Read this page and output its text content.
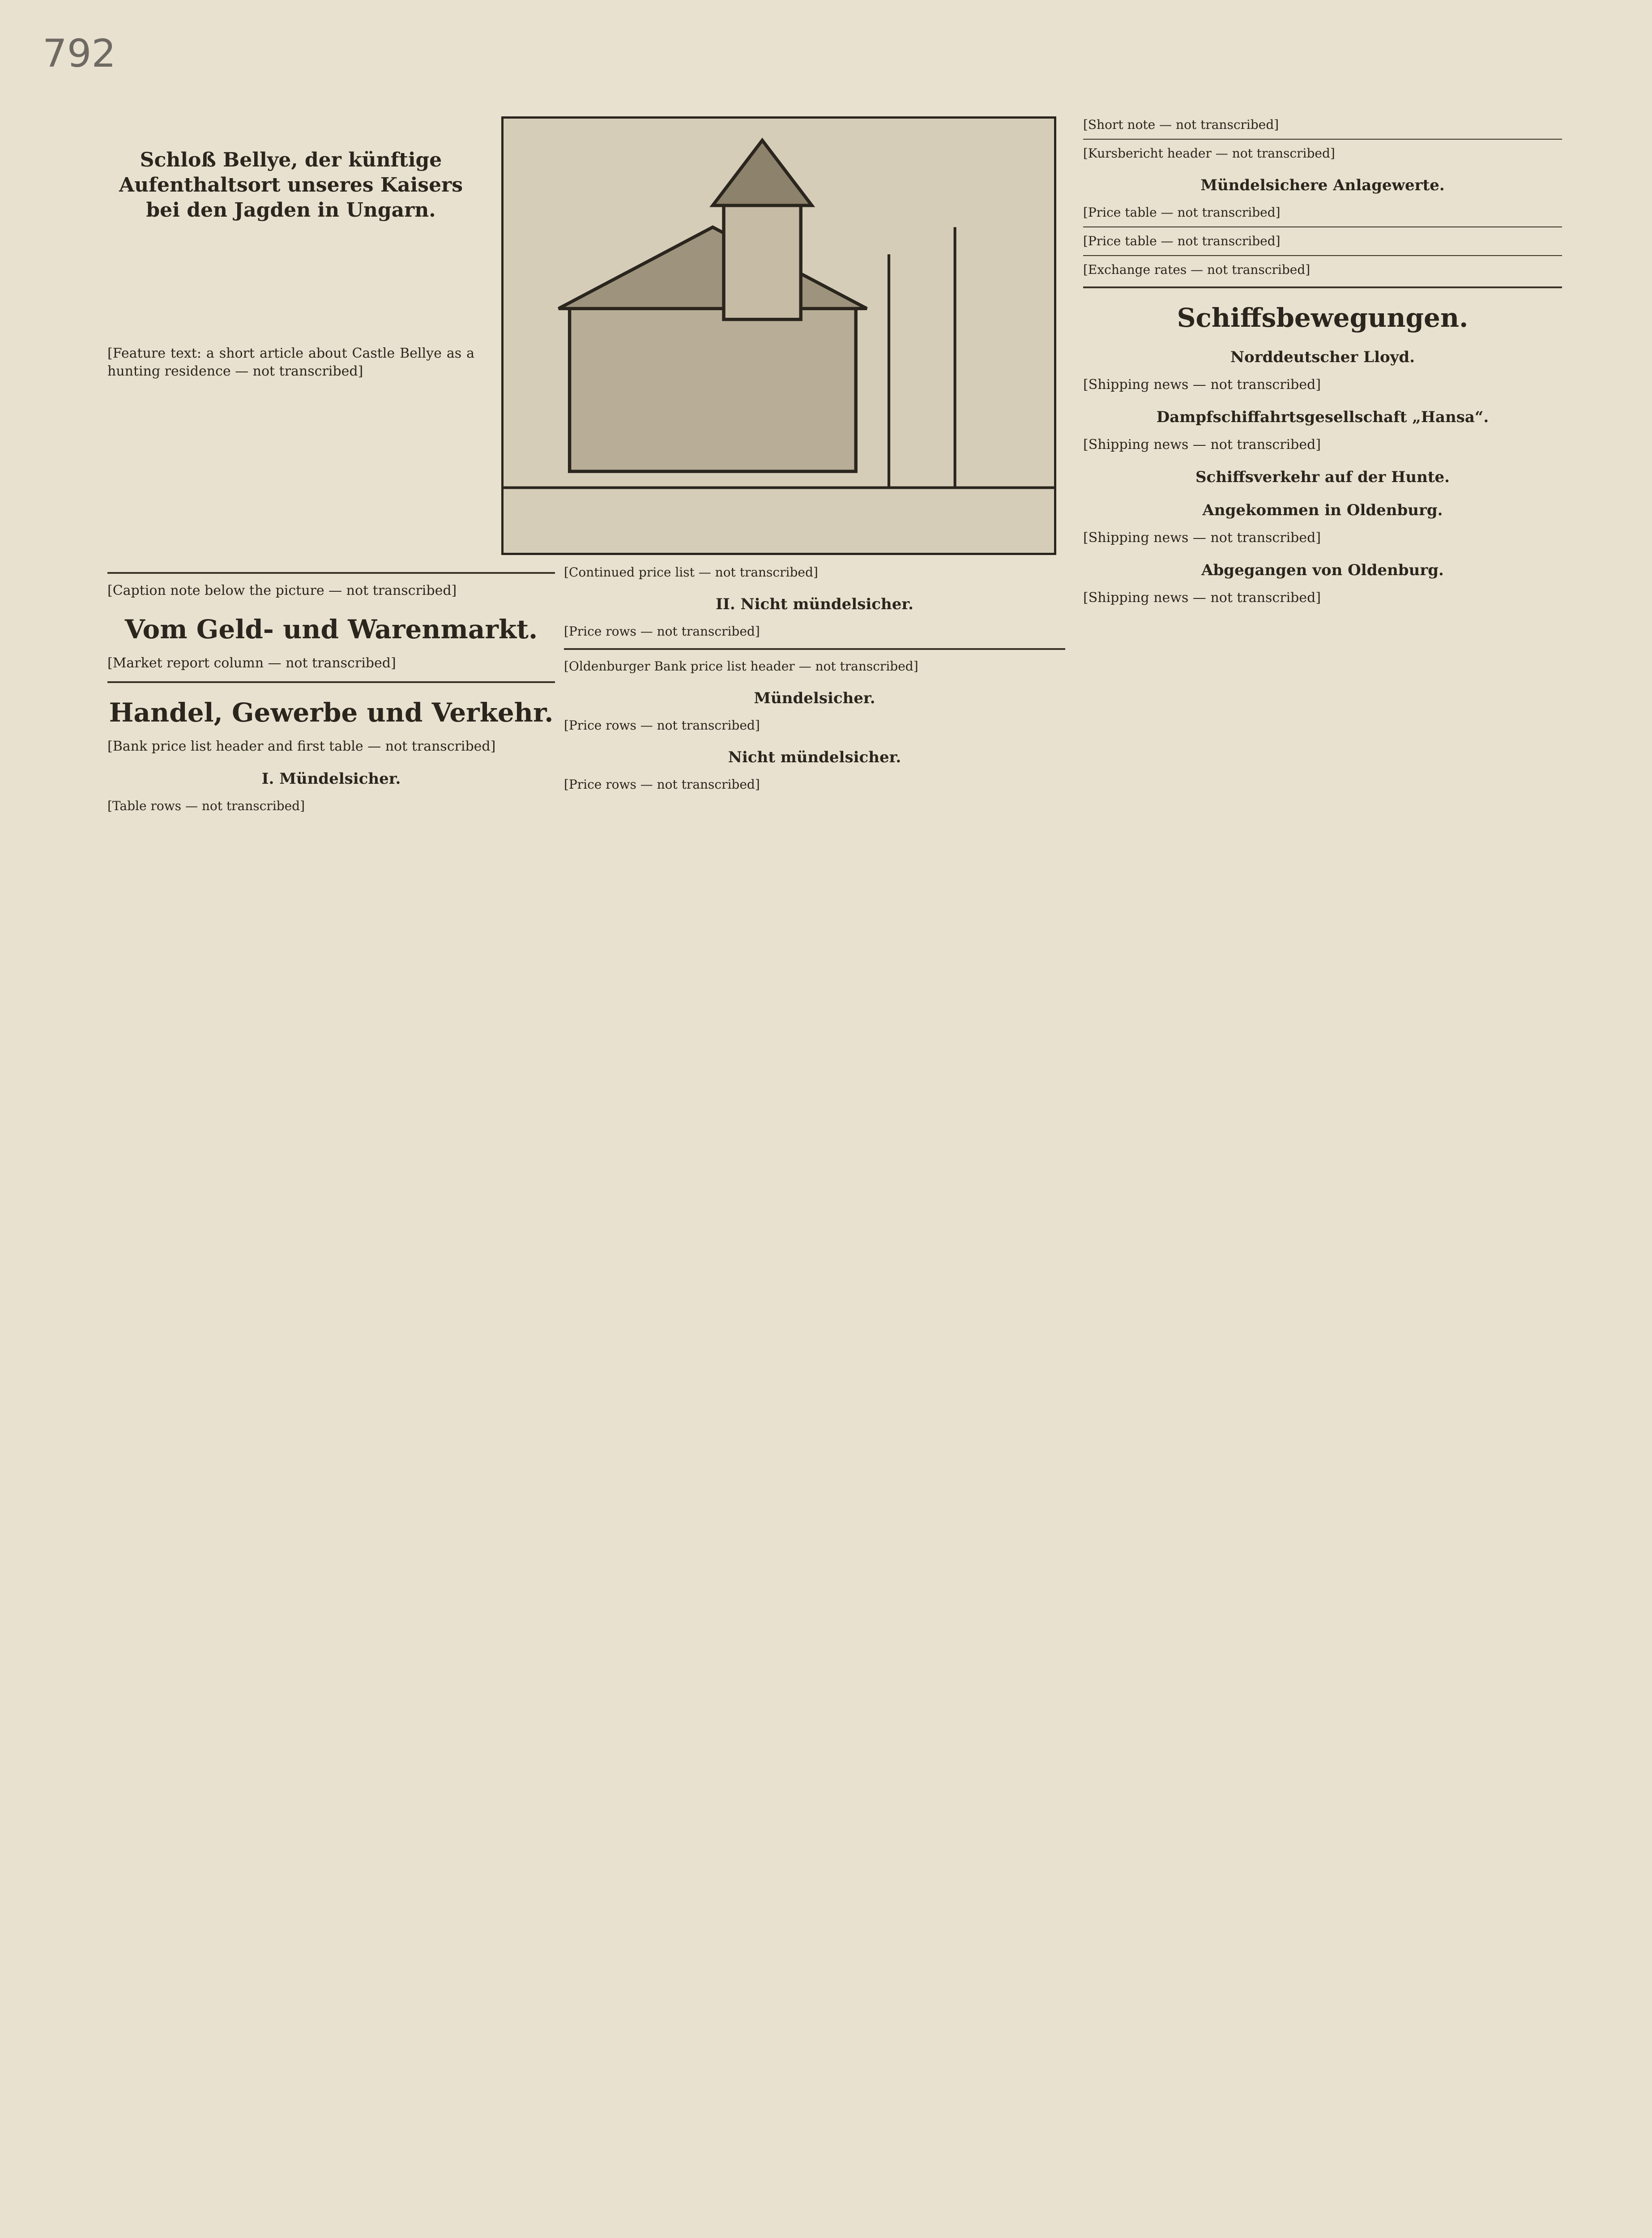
792
Schloß Bellye, der künftige Aufenthaltsort unseres Kaisers bei den Jagden in Ungarn.
[Feature text: a short article about Castle Bellye as a hunting residence — not transcribed]
[Caption note below the picture — not transcribed]
Vom Geld- und Warenmarkt.
[Market report column — not transcribed]
Handel, Gewerbe und Verkehr.
[Bank price list header and first table — not transcribed]
I. Mündelsicher.
[Table rows — not transcribed]
[Continued price list — not transcribed]
II. Nicht mündelsicher.
[Price rows — not transcribed]
[Oldenburger Bank price list header — not transcribed]
Mündelsicher.
[Price rows — not transcribed]
Nicht mündelsicher.
[Price rows — not transcribed]
[Short note — not transcribed]
[Kursbericht header — not transcribed]
Mündelsichere Anlagewerte.
[Price table — not transcribed]
[Price table — not transcribed]
[Exchange rates — not transcribed]
Schiffsbewegungen.
Norddeutscher Lloyd.
[Shipping news — not transcribed]
Dampfschiffahrtsgesellschaft „Hansa“.
[Shipping news — not transcribed]
Schiffsverkehr auf der Hunte.
Angekommen in Oldenburg.
[Shipping news — not transcribed]
Abgegangen von Oldenburg.
[Shipping news — not transcribed]
